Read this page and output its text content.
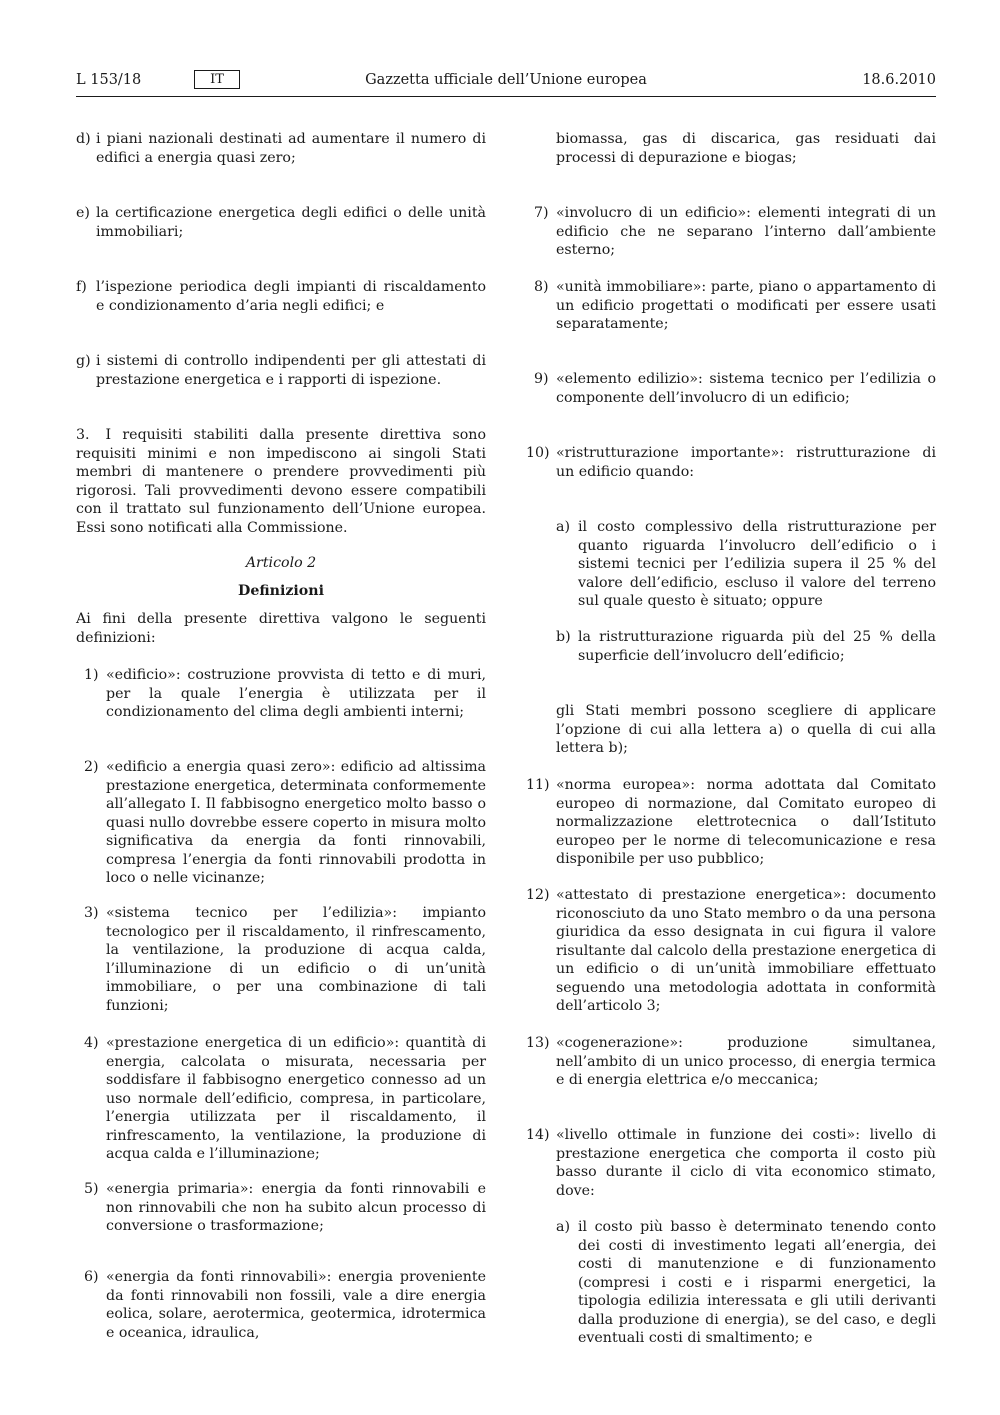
L 153/18	Gazzetta ufficiale dell’Unione europea
IT	18.6.2010
d) i piani nazionali destinati ad aumentare il numero di edifici a energia quasi zero;
e) la certificazione energetica degli edifici o delle unità immobiliari;
f) l’ispezione periodica degli impianti di riscaldamento e condizionamento d’aria negli edifici; e
g) i sistemi di controllo indipendenti per gli attestati di prestazione energetica e i rapporti di ispezione.
3. I requisiti stabiliti dalla presente direttiva sono requisiti minimi e non impediscono ai singoli Stati membri di mantenere o prendere provvedimenti più rigorosi. Tali provvedimenti devono essere compatibili con il trattato sul funzionamento dell’Unione europea. Essi sono notificati alla Commissione.
Articolo 2
Definizioni
Ai fini della presente direttiva valgono le seguenti definizioni:
1) «edificio»: costruzione provvista di tetto e di muri, per la quale l’energia è utilizzata per il condizionamento del clima degli ambienti interni;
2) «edificio a energia quasi zero»: edificio ad altissima prestazione energetica, determinata conformemente all’allegato I. Il fabbisogno energetico molto basso o quasi nullo dovrebbe essere coperto in misura molto significativa da energia da fonti rinnovabili, compresa l’energia da fonti rinnovabili prodotta in loco o nelle vicinanze;
3) «sistema tecnico per l’edilizia»: impianto tecnologico per il riscaldamento, il rinfrescamento, la ventilazione, la produzione di acqua calda, l’illuminazione di un edificio o di un’unità immobiliare, o per una combinazione di tali funzioni;
4) «prestazione energetica di un edificio»: quantità di energia, calcolata o misurata, necessaria per soddisfare il fabbisogno energetico connesso ad un uso normale dell’edificio, compresa, in particolare, l’energia utilizzata per il riscaldamento, il rinfrescamento, la ventilazione, la produzione di acqua calda e l’illuminazione;
5) «energia primaria»: energia da fonti rinnovabili e non rinnovabili che non ha subito alcun processo di conversione o trasformazione;
6) «energia da fonti rinnovabili»: energia proveniente da fonti rinnovabili non fossili, vale a dire energia eolica, solare, aerotermica, geotermica, idrotermica e oceanica, idraulica,
biomassa, gas di discarica, gas residuati dai processi di depurazione e biogas;
7) «involucro di un edificio»: elementi integrati di un edificio che ne separano l’interno dall’ambiente esterno;
8) «unità immobiliare»: parte, piano o appartamento di un edificio progettati o modificati per essere usati separatamente;
9) «elemento edilizio»: sistema tecnico per l’edilizia o componente dell’involucro di un edificio;
10) «ristrutturazione importante»: ristrutturazione di un edificio quando:
a) il costo complessivo della ristrutturazione per quanto riguarda l’involucro dell’edificio o i sistemi tecnici per l’edilizia supera il 25 % del valore dell’edificio, escluso il valore del terreno sul quale questo è situato; oppure
b) la ristrutturazione riguarda più del 25 % della superficie dell’involucro dell’edificio;
gli Stati membri possono scegliere di applicare l’opzione di cui alla lettera a) o quella di cui alla lettera b);
11) «norma europea»: norma adottata dal Comitato europeo di normazione, dal Comitato europeo di normalizzazione elettrotecnica o dall’Istituto europeo per le norme di telecomunicazione e resa disponibile per uso pubblico;
12) «attestato di prestazione energetica»: documento riconosciuto da uno Stato membro o da una persona giuridica da esso designata in cui figura il valore risultante dal calcolo della prestazione energetica di un edificio o di un’unità immobiliare effettuato seguendo una metodologia adottata in conformità dell’articolo 3;
13) «cogenerazione»: produzione simultanea, nell’ambito di un unico processo, di energia termica e di energia elettrica e/o meccanica;
14) «livello ottimale in funzione dei costi»: livello di prestazione energetica che comporta il costo più basso durante il ciclo di vita economico stimato, dove:
a) il costo più basso è determinato tenendo conto dei costi di investimento legati all’energia, dei costi di manutenzione e di funzionamento (compresi i costi e i risparmi energetici, la tipologia edilizia interessata e gli utili derivanti dalla produzione di energia), se del caso, e degli eventuali costi di smaltimento; e
